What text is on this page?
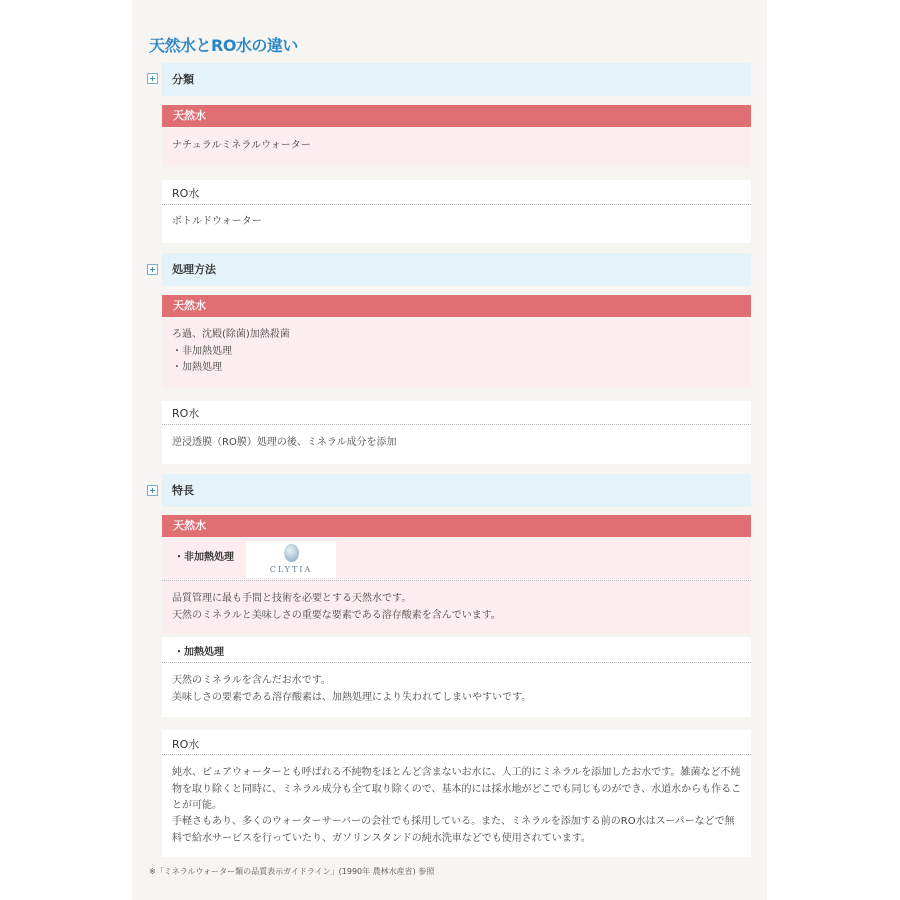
天然水とRO水の違い
分類
天然水
ナチュラルミネラルウォーター
RO水
ボトルドウォーター
処理方法
天然水
ろ過、沈殿(除菌)加熱殺菌
・非加熱処理
・加熱処理
RO水
逆浸透膜（RO膜）処理の後、ミネラル成分を添加
特長
天然水
・非加熱処理
CLYTIA
品質管理に最も手間と技術を必要とする天然水です。
天然のミネラルと美味しさの重要な要素である溶存酸素を含んでいます。
・加熱処理
天然のミネラルを含んだお水です。
美味しさの要素である溶存酸素は、加熱処理により失われてしまいやすいです。
RO水
純水、ピュアウォーターとも呼ばれる不純物をほとんど含まないお水に、人工的にミネラルを添加したお水です。雑菌など不純物を取り除くと同時に、ミネラル成分も全て取り除くので、基本的には採水地がどこでも同じものができ、水道水からも作ることが可能。
手軽さもあり、多くのウォーターサーバーの会社でも採用している。また、ミネラルを添加する前のRO水はスーパーなどで無料で給水サービスを行っていたり、ガソリンスタンドの純水洗車などでも使用されています。
※「ミネラルウォーター類の品質表示ガイドライン」(1990年 農林水産省) 参照
